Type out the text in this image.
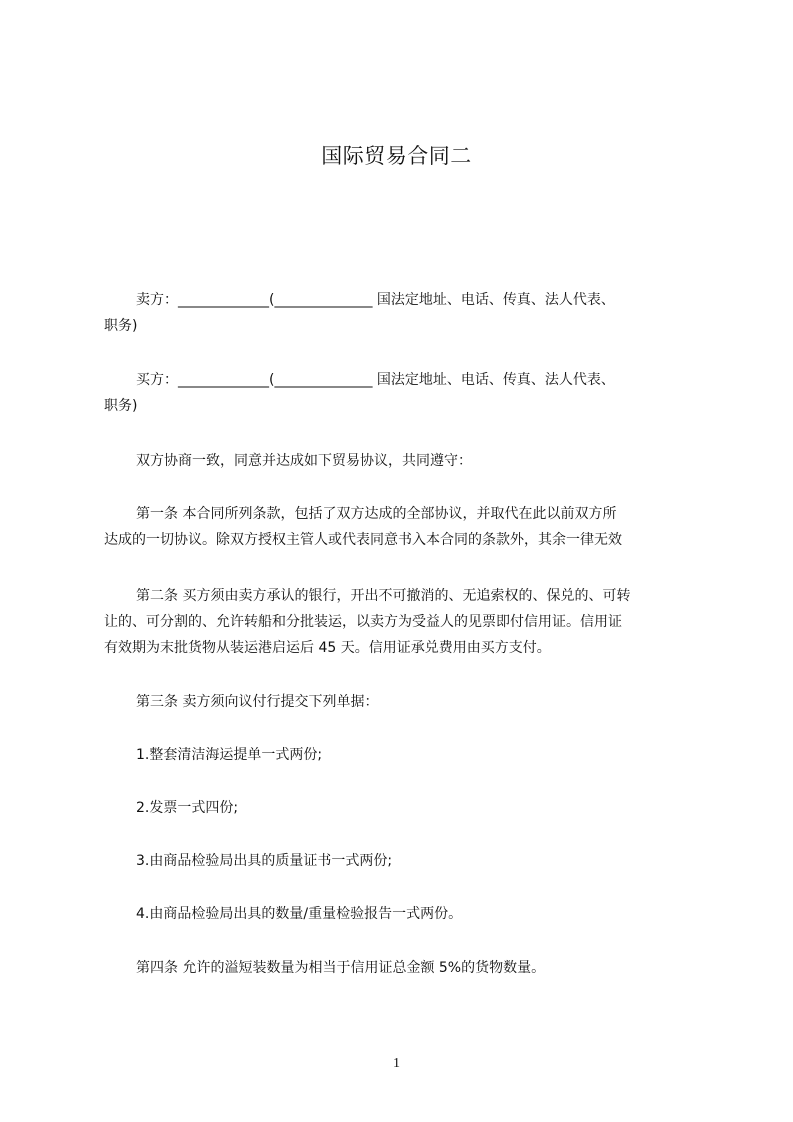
国际贸易合同二
卖方：_____________(______________ 国法定地址、电话、传真、法人代表、
职务)
买方：_____________(______________ 国法定地址、电话、传真、法人代表、
职务)
双方协商一致，同意并达成如下贸易协议，共同遵守：
第一条 本合同所列条款，包括了双方达成的全部协议，并取代在此以前双方所
达成的一切协议。除双方授权主管人或代表同意书入本合同的条款外，其余一律无效
第二条 买方须由卖方承认的银行，开出不可撤消的、无追索权的、保兑的、可转
让的、可分割的、允许转船和分批装运，以卖方为受益人的见票即付信用证。信用证
有效期为末批货物从装运港启运后 45 天。信用证承兑费用由买方支付。
第三条 卖方须向议付行提交下列单据：
1.整套清洁海运提单一式两份;
2.发票一式四份;
3.由商品检验局出具的质量证书一式两份;
4.由商品检验局出具的数量/重量检验报告一式两份。
第四条 允许的溢短装数量为相当于信用证总金额 5%的货物数量。
1
